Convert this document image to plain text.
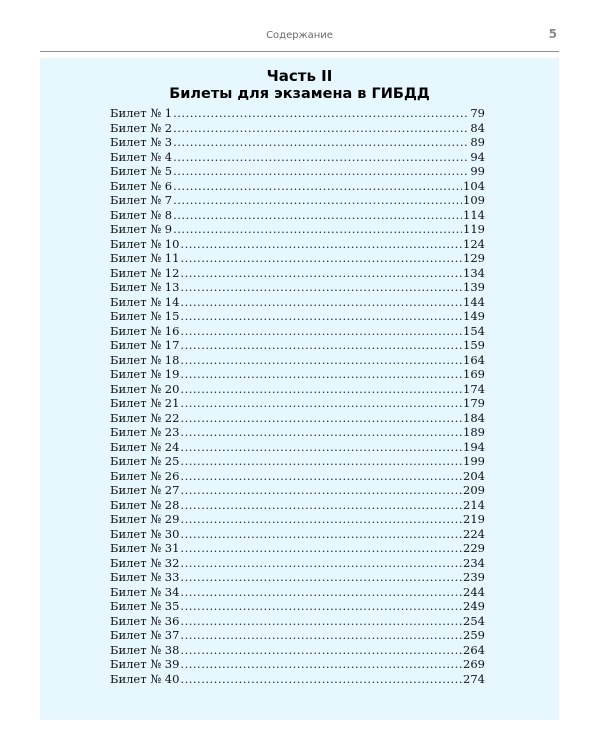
Содержание	5
Часть II
Билеты для экзамена в ГИБДД
Билет № 1 .....	79
Билет № 2 .....	84
Билет № 3 .....	89
Билет № 4 .....	94
Билет № 5 .....	99
Билет № 6 .....	104
Билет № 7 .....	109
Билет № 8 .....	114
Билет № 9 .....	119
Билет № 10 .....	124
Билет № 11 .....	129
Билет № 12 .....	134
Билет № 13 .....	139
Билет № 14 .....	144
Билет № 15 .....	149
Билет № 16 .....	154
Билет № 17 .....	159
Билет № 18 .....	164
Билет № 19 .....	169
Билет № 20 .....	174
Билет № 21 .....	179
Билет № 22 .....	184
Билет № 23 .....	189
Билет № 24 .....	194
Билет № 25 .....	199
Билет № 26 .....	204
Билет № 27 .....	209
Билет № 28 .....	214
Билет № 29 .....	219
Билет № 30 .....	224
Билет № 31 .....	229
Билет № 32 .....	234
Билет № 33 .....	239
Билет № 34 .....	244
Билет № 35 .....	249
Билет № 36 .....	254
Билет № 37 .....	259
Билет № 38 .....	264
Билет № 39 .....	269
Билет № 40 .....	274
